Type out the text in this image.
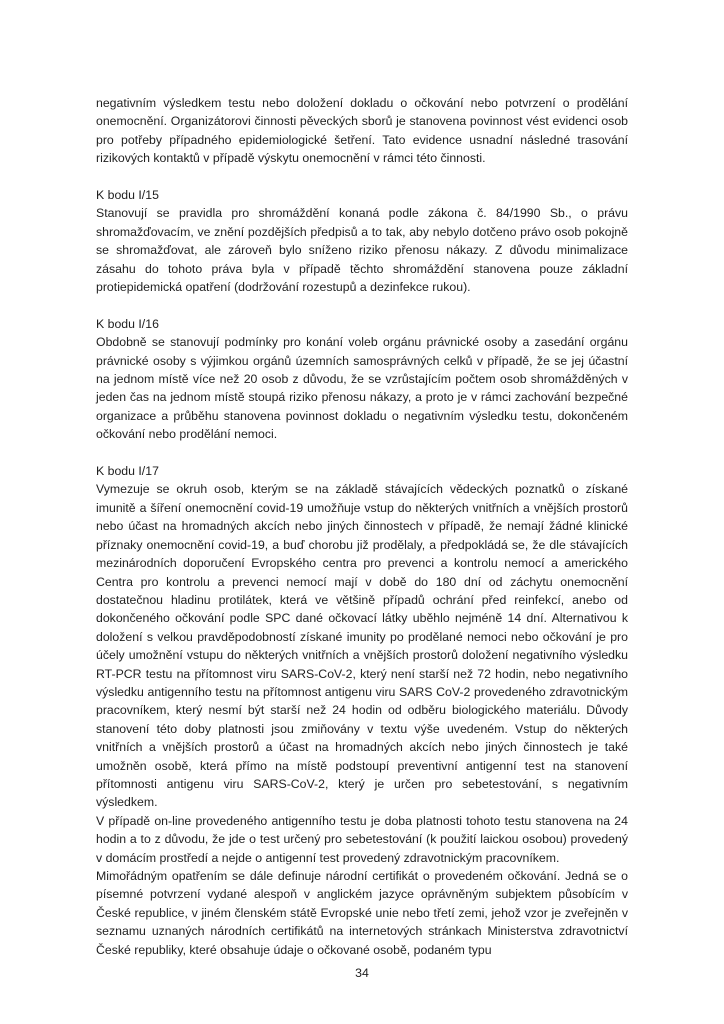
negativním výsledkem testu nebo doložení dokladu o očkování nebo potvrzení o prodělání onemocnění. Organizátorovi činnosti pěveckých sborů je stanovena povinnost vést evidenci osob pro potřeby případného epidemiologické šetření. Tato evidence usnadní následné trasování rizikových kontaktů v případě výskytu onemocnění v rámci této činnosti.

K bodu I/15

Stanovují se pravidla pro shromáždění konaná podle zákona č. 84/1990 Sb., o právu shromažďovacím, ve znění pozdějších předpisů a to tak, aby nebylo dotčeno právo osob pokojně se shromažďovat, ale zároveň bylo sníženo riziko přenosu nákazy. Z důvodu minimalizace zásahu do tohoto práva byla v případě těchto shromáždění stanovena pouze základní protiepidemická opatření (dodržování rozestupů a dezinfekce rukou).

K bodu I/16

Obdobně se stanovují podmínky pro konání voleb orgánu právnické osoby a zasedání orgánu právnické osoby s výjimkou orgánů územních samosprávných celků v případě, že se jej účastní na jednom místě více než 20 osob z důvodu, že se vzrůstajícím počtem osob shromážděných v jeden čas na jednom místě stoupá riziko přenosu nákazy, a proto je v rámci zachování bezpečné organizace a průběhu stanovena povinnost dokladu o negativním výsledku testu, dokončeném očkování nebo prodělání nemoci.

K bodu I/17

Vymezuje se okruh osob, kterým se na základě stávajících vědeckých poznatků o získané imunitě a šíření onemocnění covid-19 umožňuje vstup do některých vnitřních a vnějších prostorů nebo účast na hromadných akcích nebo jiných činnostech v případě, že nemají žádné klinické příznaky onemocnění covid-19, a buď chorobu již prodělaly, a předpokládá se, že dle stávajících mezinárodních doporučení Evropského centra pro prevenci a kontrolu nemocí a amerického Centra pro kontrolu a prevenci nemocí mají v době do 180 dní od záchytu onemocnění dostatečnou hladinu protilátek, která ve většině případů ochrání před reinfekcí, anebo od dokončeného očkování podle SPC dané očkovací látky uběhlo nejméně 14 dní. Alternativou k doložení s velkou pravděpodobností získané imunity po prodělané nemoci nebo očkování je pro účely umožnění vstupu do některých vnitřních a vnějších prostorů doložení negativního výsledku RT-PCR testu na přítomnost viru SARS-CoV-2, který není starší než 72 hodin, nebo negativního výsledku antigenního testu na přítomnost antigenu viru SARS CoV-2 provedeného zdravotnickým pracovníkem, který nesmí být starší než 24 hodin od odběru biologického materiálu. Důvody stanovení této doby platnosti jsou zmiňovány v textu výše uvedeném. Vstup do některých vnitřních a vnějších prostorů a účast na hromadných akcích nebo jiných činnostech je také umožněn osobě, která přímo na místě podstoupí preventivní antigenní test na stanovení přítomnosti antigenu viru SARS-CoV-2, který je určen pro sebetestování, s negativním výsledkem.

V případě on-line provedeného antigenního testu je doba platnosti tohoto testu stanovena na 24 hodin a to z důvodu, že jde o test určený pro sebetestování (k použití laickou osobou) provedený v domácím prostředí a nejde o antigenní test provedený zdravotnickým pracovníkem.

Mimořádným opatřením se dále definuje národní certifikát o provedeném očkování. Jedná se o písemné potvrzení vydané alespoň v anglickém jazyce oprávněným subjektem působícím v České republice, v jiném členském státě Evropské unie nebo třetí zemi, jehož vzor je zveřejněn v seznamu uznaných národních certifikátů na internetových stránkach Ministerstva zdravotnictví České republiky, které obsahuje údaje o očkované osobě, podaném typu

34
